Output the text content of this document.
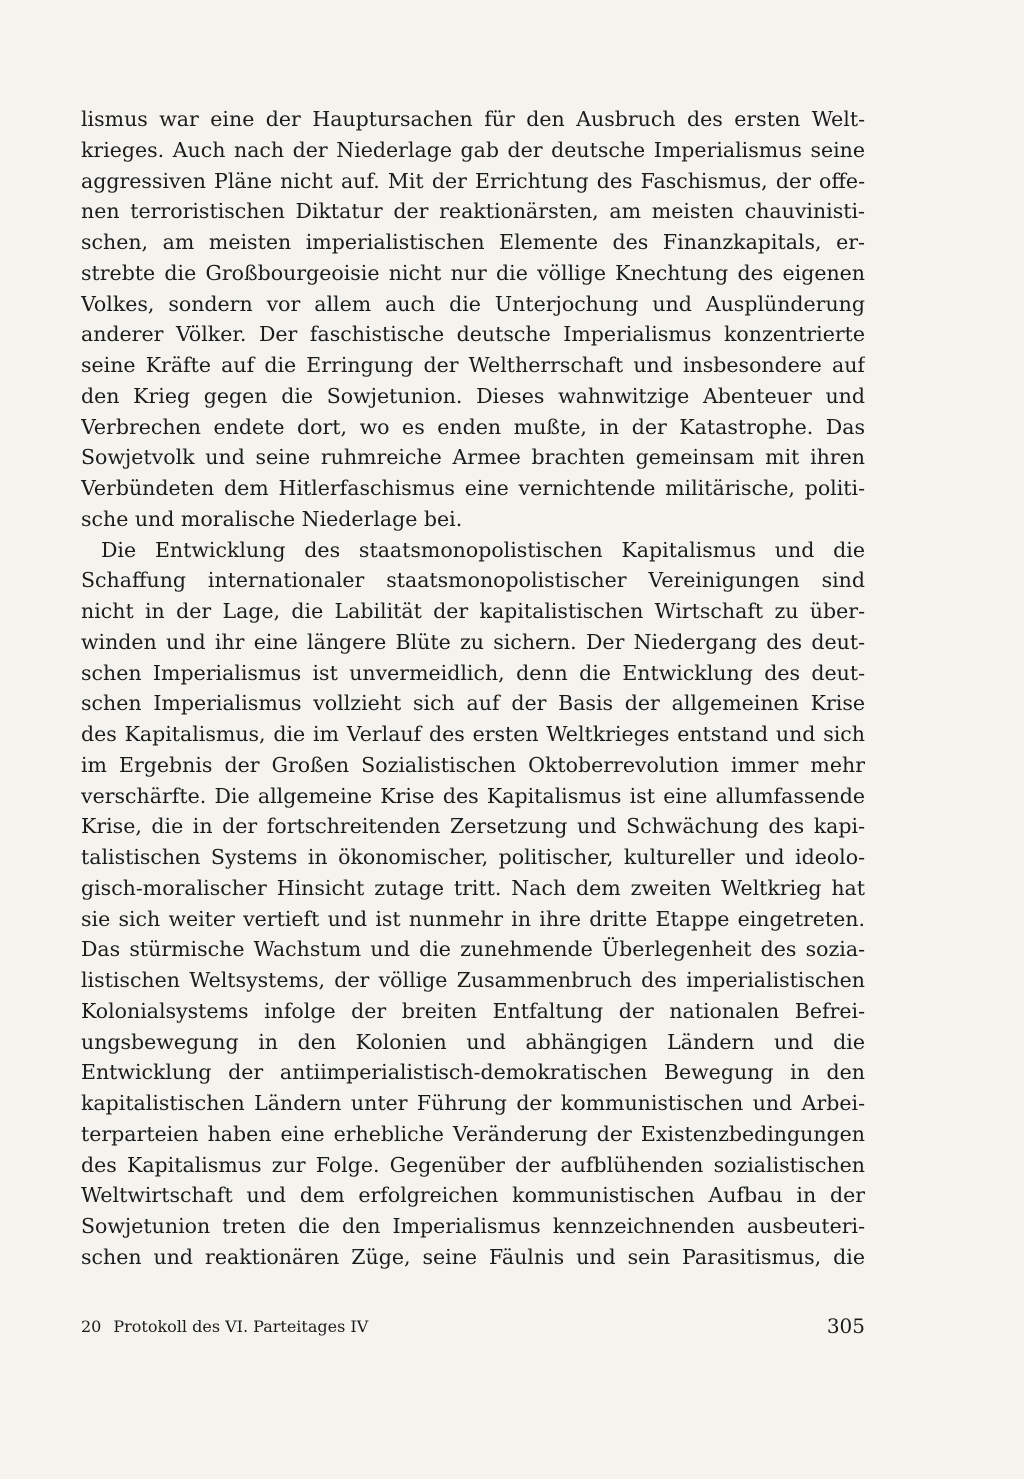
lismus war eine der Hauptursachen für den Ausbruch des ersten Welt-
krieges. Auch nach der Niederlage gab der deutsche Imperialismus seine
aggressiven Pläne nicht auf. Mit der Errichtung des Faschismus, der offe-
nen terroristischen Diktatur der reaktionärsten, am meisten chauvinisti-
schen, am meisten imperialistischen Elemente des Finanzkapitals, er-
strebte die Großbourgeoisie nicht nur die völlige Knechtung des eigenen
Volkes, sondern vor allem auch die Unterjochung und Ausplünderung
anderer Völker. Der faschistische deutsche Imperialismus konzentrierte
seine Kräfte auf die Erringung der Weltherrschaft und insbesondere auf
den Krieg gegen die Sowjetunion. Dieses wahnwitzige Abenteuer und
Verbrechen endete dort, wo es enden mußte, in der Katastrophe. Das
Sowjetvolk und seine ruhmreiche Armee brachten gemeinsam mit ihren
Verbündeten dem Hitlerfaschismus eine vernichtende militärische, politi-
sche und moralische Niederlage bei.
Die Entwicklung des staatsmonopolistischen Kapitalismus und die
Schaffung internationaler staatsmonopolistischer Vereinigungen sind
nicht in der Lage, die Labilität der kapitalistischen Wirtschaft zu über-
winden und ihr eine längere Blüte zu sichern. Der Niedergang des deut-
schen Imperialismus ist unvermeidlich, denn die Entwicklung des deut-
schen Imperialismus vollzieht sich auf der Basis der allgemeinen Krise
des Kapitalismus, die im Verlauf des ersten Weltkrieges entstand und sich
im Ergebnis der Großen Sozialistischen Oktoberrevolution immer mehr
verschärfte. Die allgemeine Krise des Kapitalismus ist eine allumfassende
Krise, die in der fortschreitenden Zersetzung und Schwächung des kapi-
talistischen Systems in ökonomischer, politischer, kultureller und ideolo-
gisch-moralischer Hinsicht zutage tritt. Nach dem zweiten Weltkrieg hat
sie sich weiter vertieft und ist nunmehr in ihre dritte Etappe eingetreten.
Das stürmische Wachstum und die zunehmende Überlegenheit des sozia-
listischen Weltsystems, der völlige Zusammenbruch des imperialistischen
Kolonialsystems infolge der breiten Entfaltung der nationalen Befrei-
ungsbewegung in den Kolonien und abhängigen Ländern und die
Entwicklung der antiimperialistisch-demokratischen Bewegung in den
kapitalistischen Ländern unter Führung der kommunistischen und Arbei-
terparteien haben eine erhebliche Veränderung der Existenzbedingungen
des Kapitalismus zur Folge. Gegenüber der aufblühenden sozialistischen
Weltwirtschaft und dem erfolgreichen kommunistischen Aufbau in der
Sowjetunion treten die den Imperialismus kennzeichnenden ausbeuteri-
schen und reaktionären Züge, seine Fäulnis und sein Parasitismus, die
20 Protokoll des VI. Parteitages IV	305
